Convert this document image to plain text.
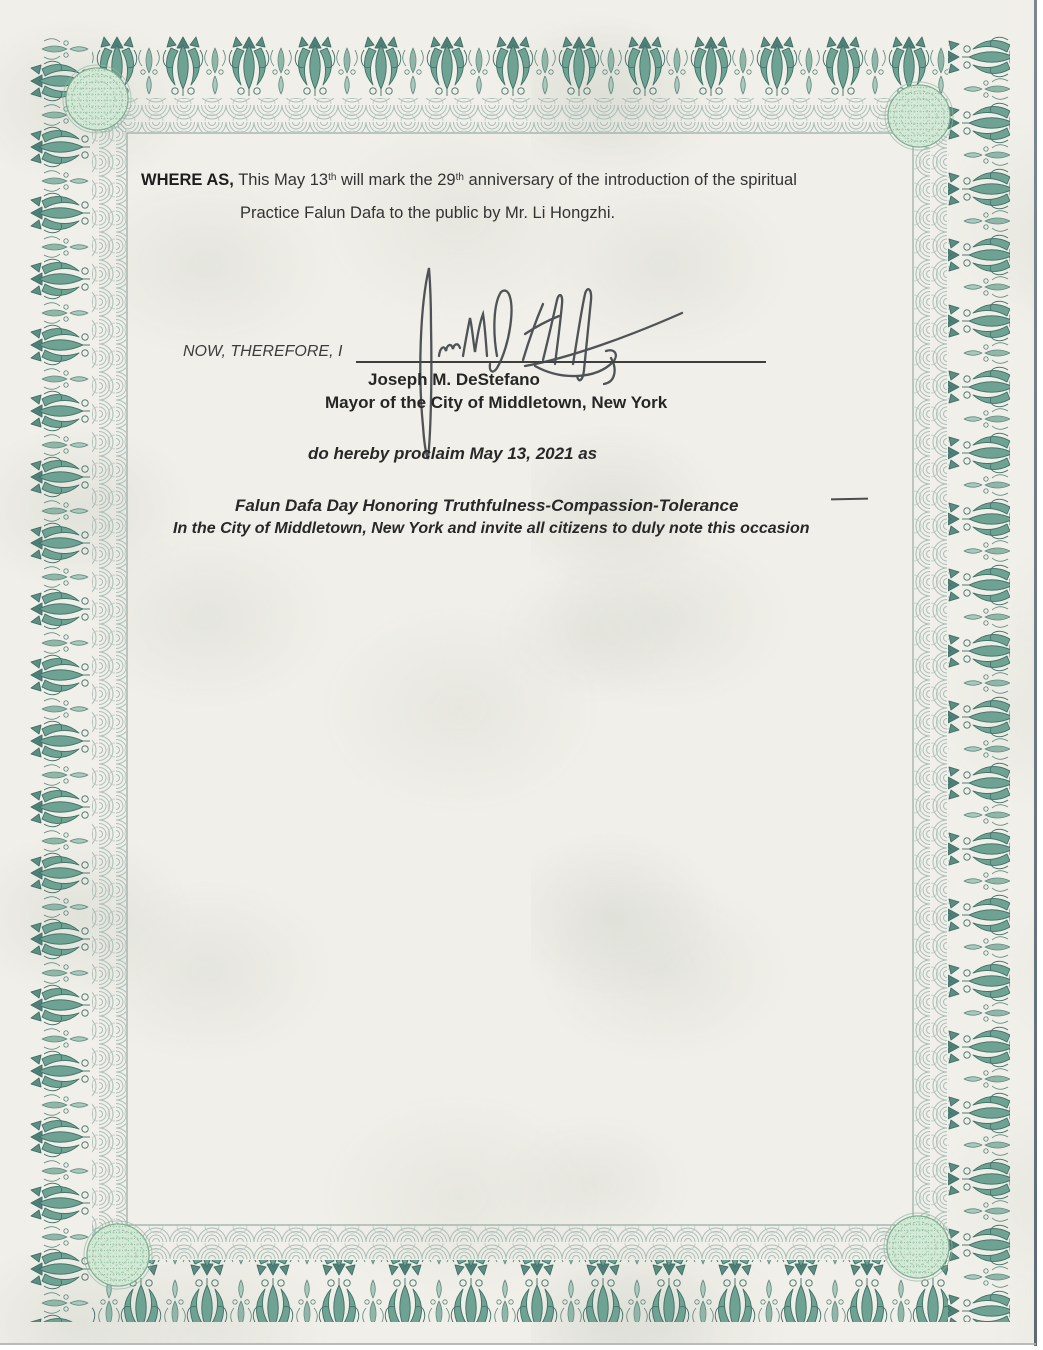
WHERE AS, This May 13th will mark the 29th anniversary of the introduction of the spiritual
Practice Falun Dafa to the public by Mr. Li Hongzhi.
NOW, THEREFORE, I
Joseph M. DeStefano
Mayor of the City of Middletown, New York
do hereby proclaim May 13, 2021 as
Falun Dafa Day Honoring Truthfulness-Compassion-Tolerance
In the City of Middletown, New York and invite all citizens to duly note this occasion
